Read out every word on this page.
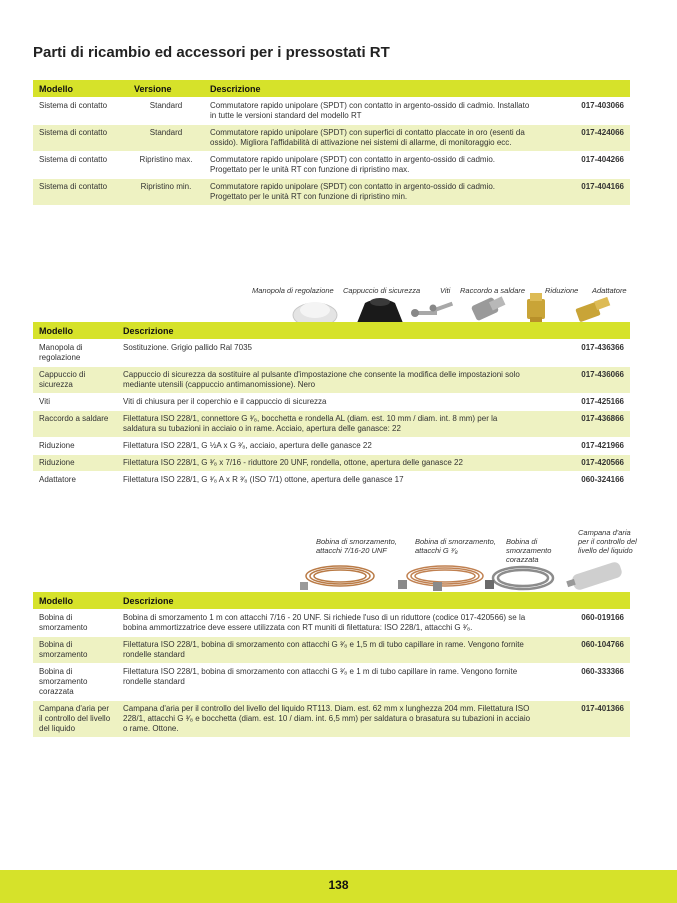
Parti di ricambio ed accessori per i pressostati RT
Modello	Versione	Descrizione	
Sistema di contatto	Standard	Commutatore rapido unipolare (SPDT) con contatto in argento-ossido di cadmio. Installato in tutte le versioni standard del modello RT	017-403066
Sistema di contatto	Standard	Commutatore rapido unipolare (SPDT) con superfici di contatto placcate in oro (esenti da ossido). Migliora l'affidabilità di attivazione nei sistemi di allarme, di monitoraggio ecc.	017-424066
Sistema di contatto	Ripristino max.	Commutatore rapido unipolare (SPDT) con contatto in argento-ossido di cadmio. Progettato per le unità RT con funzione di ripristino max.	017-404266
Sistema di contatto	Ripristino min.	Commutatore rapido unipolare (SPDT) con contatto in argento-ossido di cadmio. Progettato per le unità RT con funzione di ripristino min.	017-404166
Manopola di regolazione Cappuccio di sicurezza	Viti Raccordo a saldare	Riduzione Adattatore
Modello	Descrizione	
Manopola di regolazione	Sostituzione. Grigio pallido Ral 7035	017-436366
Cappuccio di sicurezza	Cappuccio di sicurezza da sostituire al pulsante d'impostazione che consente la modifica delle impostazioni solo mediante utensili (cappuccio antimanomissione). Nero	017-436066
Viti	Viti di chiusura per il coperchio e il cappuccio di sicurezza	017-425166
Raccordo a saldare	Filettatura ISO 228/1, connettore G ³⁄₈, bocchetta e rondella AL (diam. est. 10 mm / diam. int. 8 mm) per la saldatura su tubazioni in acciaio o in rame. Acciaio, apertura delle ganasce: 22	017-436866
Riduzione	Filettatura ISO 228/1, G ½A x G ³⁄₈, acciaio, apertura delle ganasce 22	017-421966
Riduzione	Filettatura ISO 228/1, G ³⁄₈ x 7/16 - riduttore 20 UNF, rondella, ottone, apertura delle ganasce 22	017-420566
Adattatore	Filettatura ISO 228/1, G ³⁄₈ A x R ³⁄₈ (ISO 7/1) ottone, apertura delle ganasce 17	060-324166
Bobina di smorzamento, attacchi 7/16-20 UNF
Bobina di smorzamento, attacchi G ³⁄₈
Bobina di smorzamento corazzata
Campana d'aria per il controllo del livello del liquido
Modello	Descrizione	
Bobina di smorzamento	Bobina di smorzamento 1 m con attacchi 7/16 - 20 UNF. Si richiede l'uso di un riduttore (codice 017-420566) se la bobina ammortizzatrice deve essere utilizzata con RT muniti di filettatura: ISO 228/1, attacchi G ³⁄₈.	060-019166
Bobina di smorzamento	Filettatura ISO 228/1, bobina di smorzamento con attacchi G ³⁄₈ e 1,5 m di tubo capillare in rame. Vengono fornite rondelle standard	060-104766
Bobina di smorzamento corazzata	Filettatura ISO 228/1, bobina di smorzamento con attacchi G ³⁄₈ e 1 m di tubo capillare in rame. Vengono fornite rondelle standard	060-333366
Campana d'aria per il controllo del livello del liquido	Campana d'aria per il controllo del livello del liquido RT113. Diam. est. 62 mm x lunghezza 204 mm. Filettatura ISO 228/1, attacchi G ³⁄₈ e bocchetta (diam. est. 10 / diam. int. 6,5 mm) per saldatura o brasatura su tubazioni in acciaio o rame. Ottone.	017-401366
138
